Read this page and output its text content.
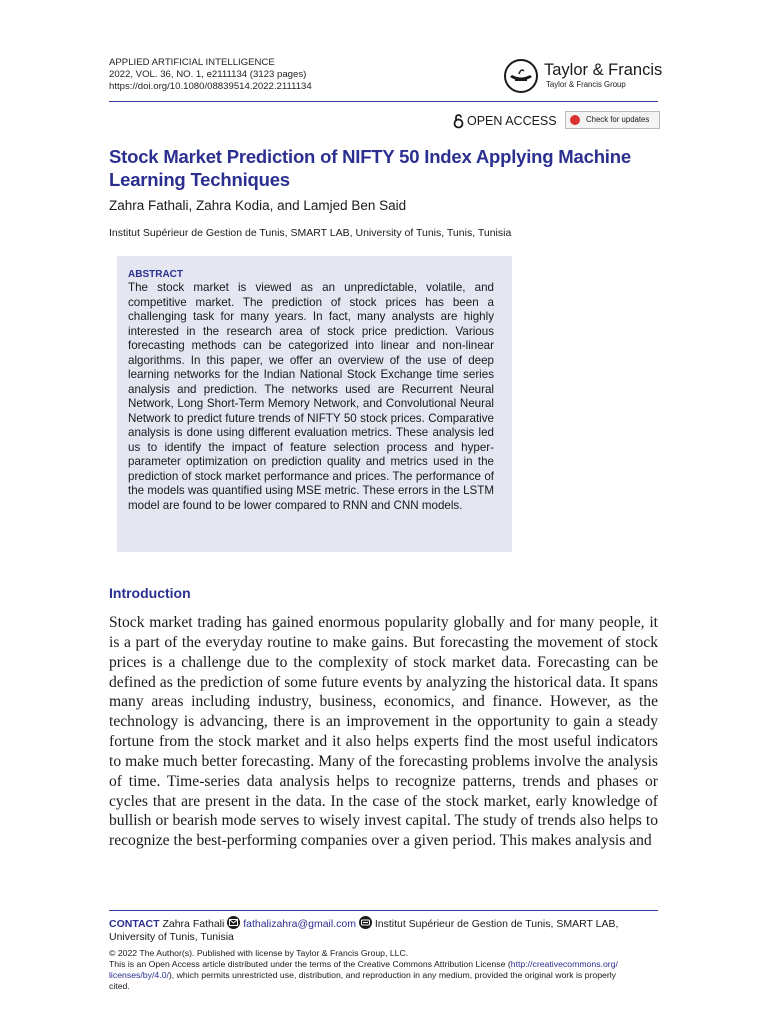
APPLIED ARTIFICIAL INTELLIGENCE
2022, VOL. 36, NO. 1, e2111134 (3123 pages)
https://doi.org/10.1080/08839514.2022.2111134
Taylor & Francis
Taylor & Francis Group
OPEN ACCESS	Check for updates
Stock Market Prediction of NIFTY 50 Index Applying Machine
Learning Techniques
Zahra Fathali, Zahra Kodia, and Lamjed Ben Said
Institut Supérieur de Gestion de Tunis, SMART LAB, University of Tunis, Tunis, Tunisia
ABSTRACT
The stock market is viewed as an unpredictable, volatile, and competitive market. The prediction of stock prices has been a challenging task for many years. In fact, many analysts are highly interested in the research area of stock price prediction. Various forecasting methods can be categorized into linear and non-linear algorithms. In this paper, we offer an overview of the use of deep learning networks for the Indian National Stock Exchange time series analysis and prediction. The networks used are Recurrent Neural Network, Long Short-Term Memory Network, and Convolutional Neural Network to predict future trends of NIFTY 50 stock prices. Comparative analysis is done using different evaluation metrics. These analysis led us to identify the impact of feature selection process and hyper-parameter optimization on prediction quality and metrics used in the prediction of stock market performance and prices. The performance of the models was quantified using MSE metric. These errors in the LSTM model are found to be lower compared to RNN and CNN models.
Introduction
Stock market trading has gained enormous popularity globally and for many people, it is a part of the everyday routine to make gains. But forecasting the movement of stock prices is a challenge due to the complexity of stock market data. Forecasting can be defined as the prediction of some future events by analyzing the historical data. It spans many areas including industry, business, economics, and finance. However, as the technology is advancing, there is an improvement in the opportunity to gain a steady fortune from the stock market and it also helps experts find the most useful indicators to make much better forecasting. Many of the forecasting problems involve the analysis of time. Time-series data analysis helps to recognize patterns, trends and phases or cycles that are present in the data. In the case of the stock market, early knowledge of bullish or bearish mode serves to wisely invest capital. The study of trends also helps to recognize the best-performing companies over a given period. This makes analysis and
CONTACT Zahra Fathali fathalizahra@gmail.com Institut Supérieur de Gestion de Tunis, SMART LAB,
University of Tunis, Tunisia
© 2022 The Author(s). Published with license by Taylor & Francis Group, LLC.
This is an Open Access article distributed under the terms of the Creative Commons Attribution License (http://creativecommons.org/
licenses/by/4.0/), which permits unrestricted use, distribution, and reproduction in any medium, provided the original work is properly
cited.
